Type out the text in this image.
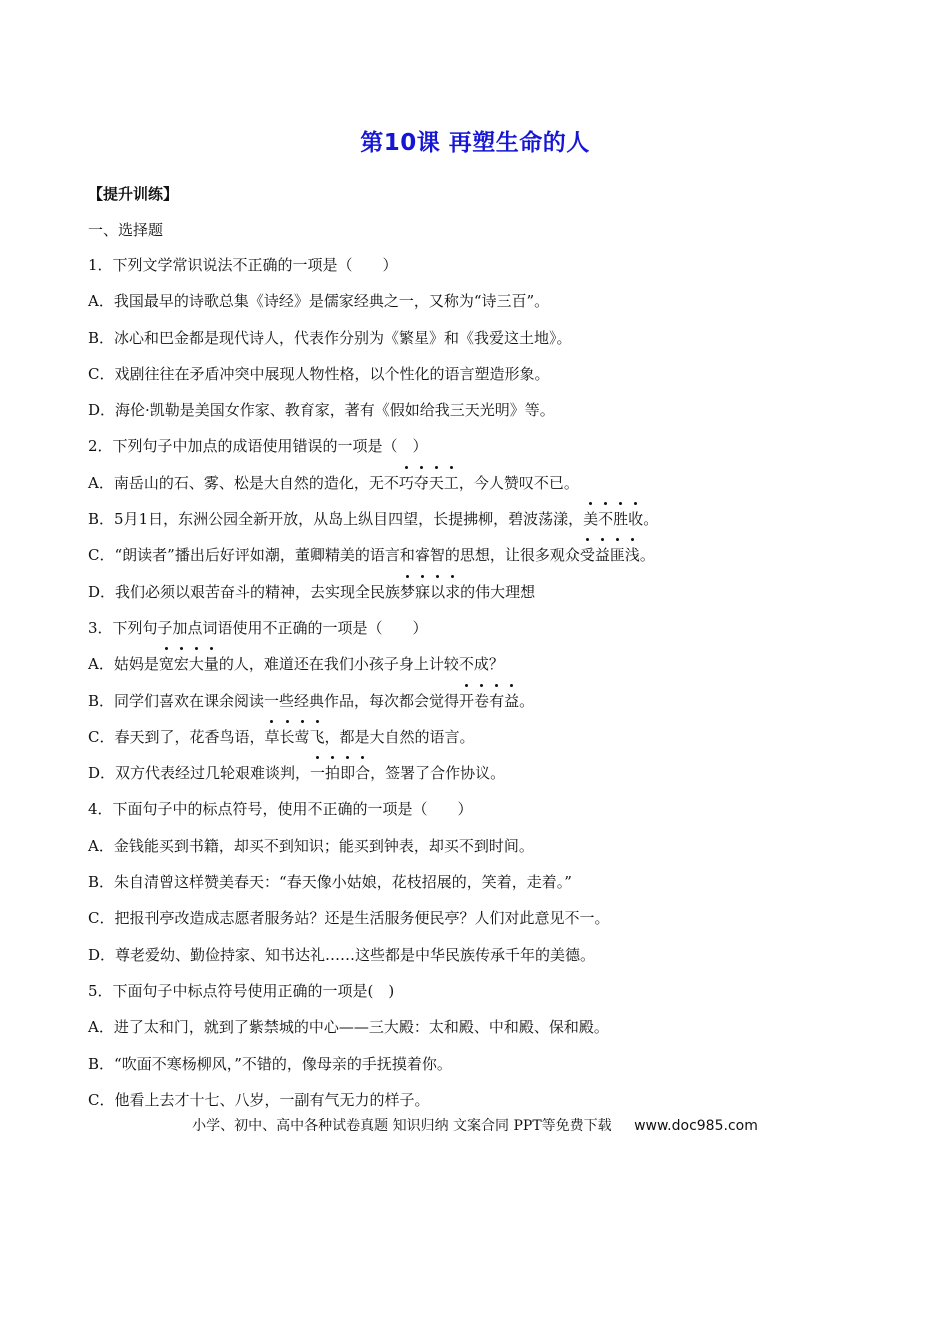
第10课 再塑生命的人
【提升训练】
一、选择题
1．下列文学常识说法不正确的一项是（　　）
A．我国最早的诗歌总集《诗经》是儒家经典之一，又称为“诗三百”。
B．冰心和巴金都是现代诗人，代表作分别为《繁星》和《我爱这土地》。
C．戏剧往往在矛盾冲突中展现人物性格，以个性化的语言塑造形象。
D．海伦·凯勒是美国女作家、教育家，著有《假如给我三天光明》等。
2．下列句子中加点的成语使用错误的一项是（　）
A．南岳山的石、雾、松是大自然的造化，无不巧夺天工，今人赞叹不已。
B．5月1日，东洲公园全新开放，从岛上纵目四望，长提拂柳，碧波荡漾，美不胜收。
C．“朗读者”播出后好评如潮，董卿精美的语言和睿智的思想，让很多观众受益匪浅。
D．我们必须以艰苦奋斗的精神，去实现全民族梦寐以求的伟大理想
3．下列句子加点词语使用不正确的一项是（　　）
A．姑妈是宽宏大量的人，难道还在我们小孩子身上计较不成？
B．同学们喜欢在课余阅读一些经典作品，每次都会觉得开卷有益。
C．春天到了，花香鸟语，草长莺飞，都是大自然的语言。
D．双方代表经过几轮艰难谈判，一拍即合，签署了合作协议。
4．下面句子中的标点符号，使用不正确的一项是（　　）
A．金钱能买到书籍，却买不到知识；能买到钟表，却买不到时间。
B．朱自清曾这样赞美春天：“春天像小姑娘，花枝招展的，笑着，走着。”
C．把报刊亭改造成志愿者服务站？还是生活服务便民亭？人们对此意见不一。
D．尊老爱幼、勤俭持家、知书达礼……这些都是中华民族传承千年的美德。
5．下面句子中标点符号使用正确的一项是(　)
A．进了太和门，就到了紫禁城的中心——三大殿：太和殿、中和殿、保和殿。
B．“吹面不寒杨柳风，”不错的，像母亲的手抚摸着你。
C．他看上去才十七、八岁，一副有气无力的样子。
小学、初中、高中各种试卷真题 知识归纳 文案合同 PPT等免费下载 www.doc985.com
